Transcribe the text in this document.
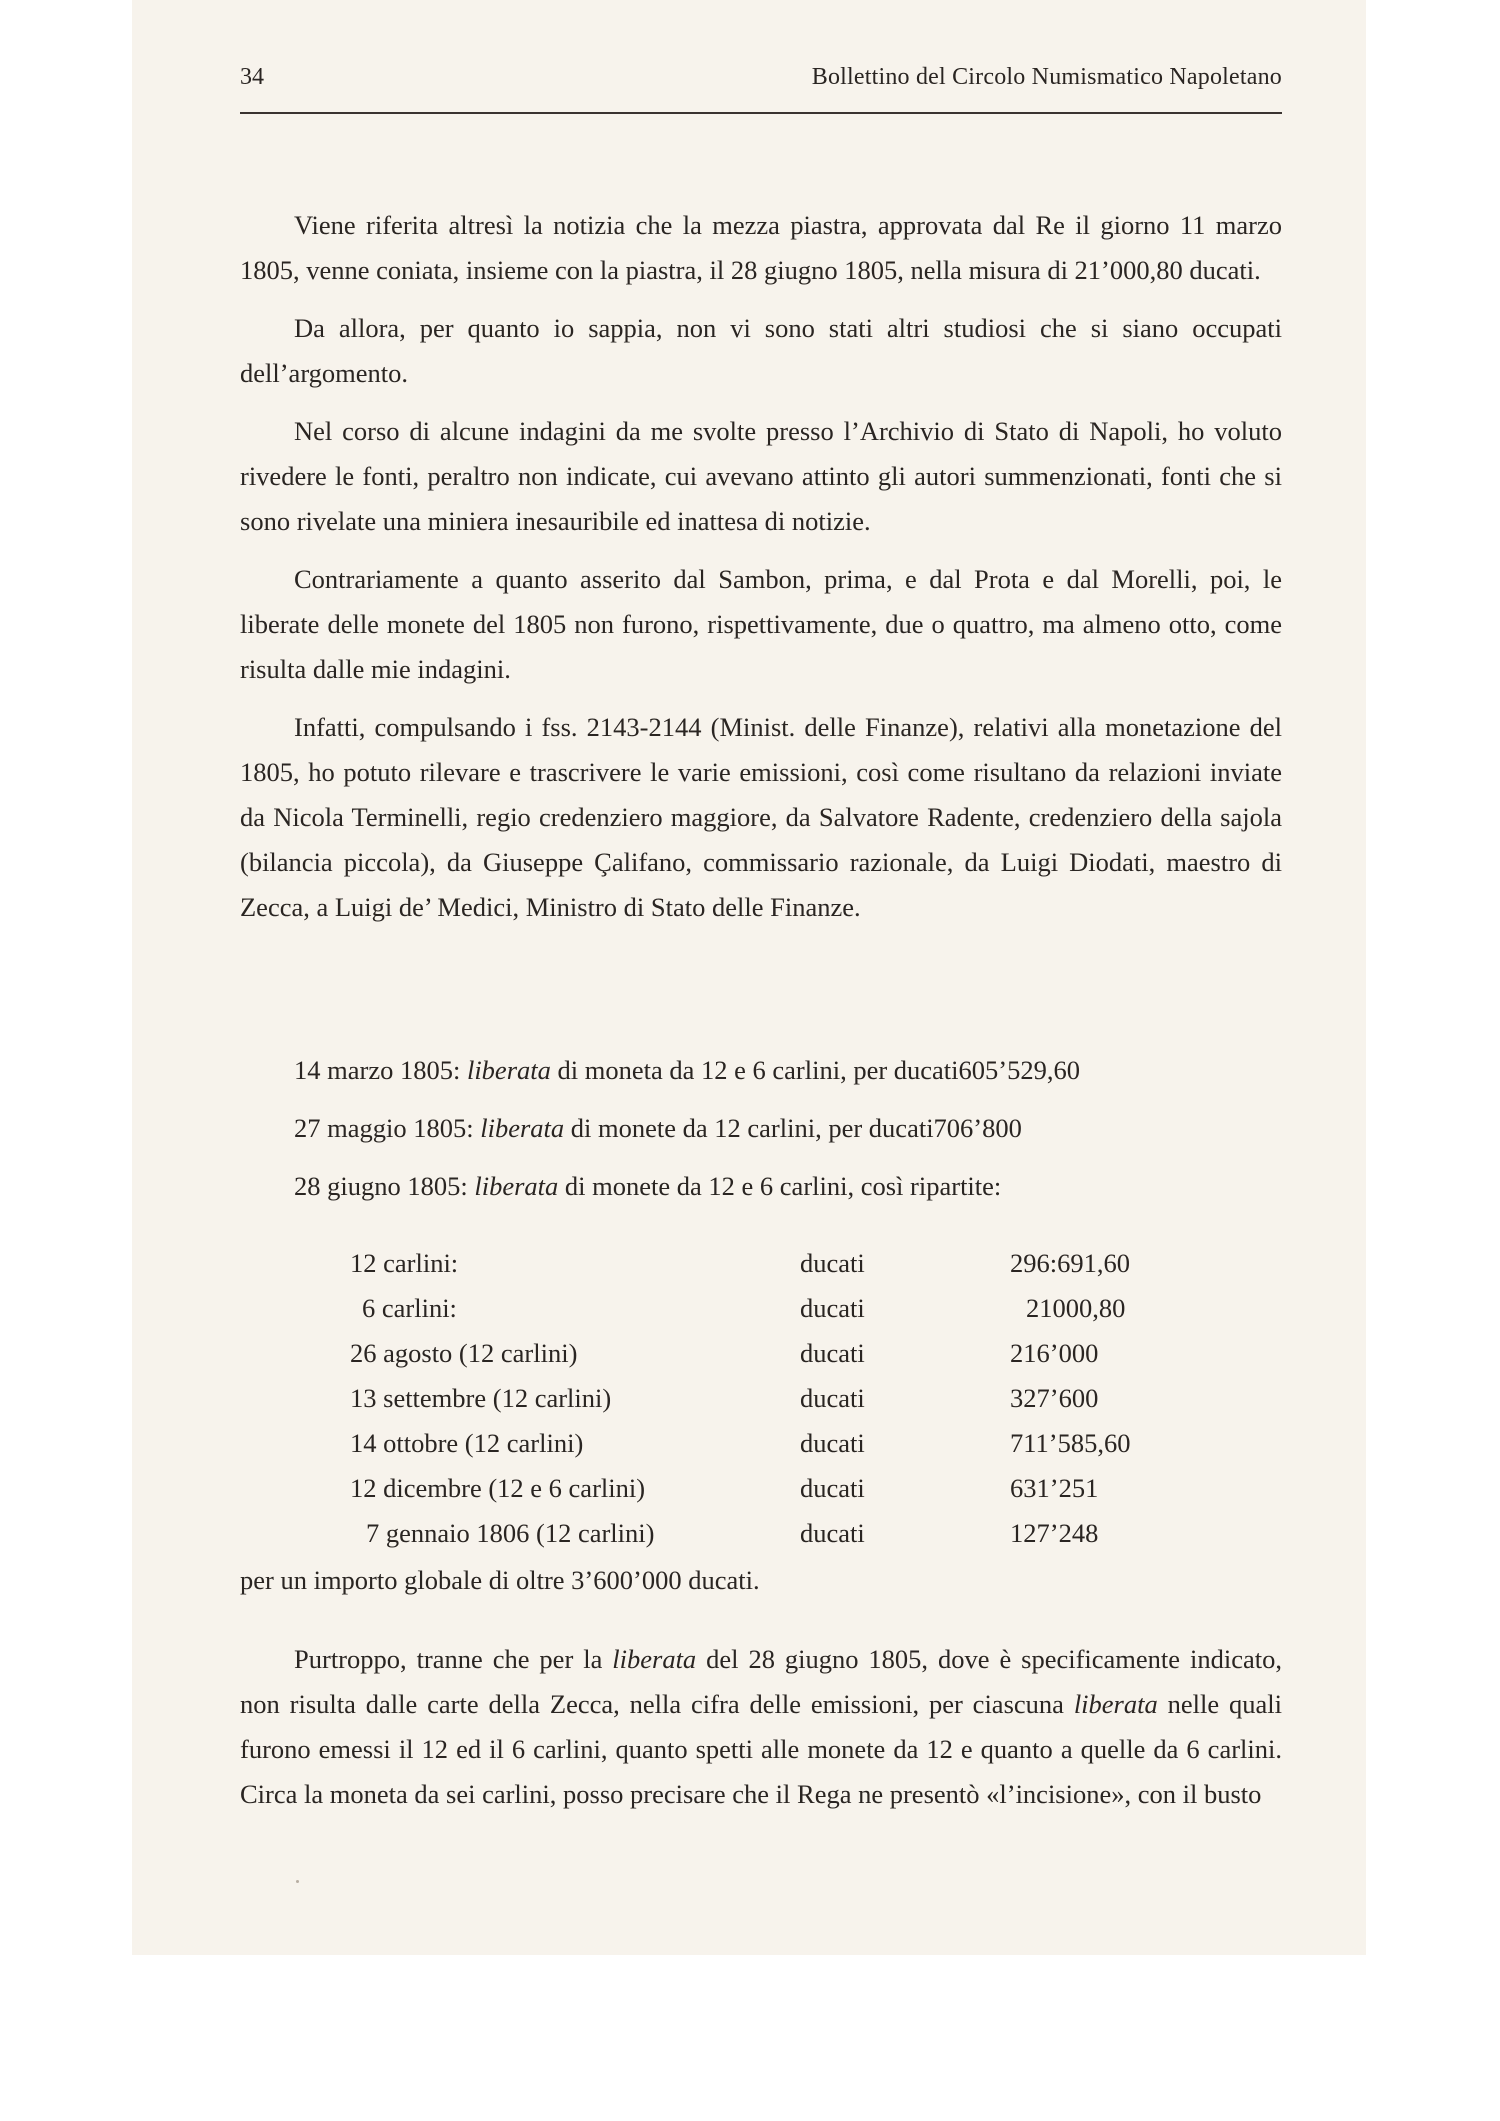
34	Bollettino del Circolo Numismatico Napoletano

Viene riferita altresì la notizia che la mezza piastra, approvata dal Re il giorno 11 marzo 1805, venne coniata, insieme con la piastra, il 28 giugno 1805, nella misura di 21’000,80 ducati.

Da allora, per quanto io sappia, non vi sono stati altri studiosi che si siano occupati dell’argomento.

Nel corso di alcune indagini da me svolte presso l’Archivio di Stato di Napoli, ho voluto rivedere le fonti, peraltro non indicate, cui avevano attinto gli autori summenzionati, fonti che si sono rivelate una miniera inesauribile ed inattesa di notizie.

Contrariamente a quanto asserito dal Sambon, prima, e dal Prota e dal Morelli, poi, le liberate delle monete del 1805 non furono, rispettivamente, due o quattro, ma almeno otto, come risulta dalle mie indagini.

Infatti, compulsando i fss. 2143-2144 (Minist. delle Finanze), relativi alla monetazione del 1805, ho potuto rilevare e trascrivere le varie emissioni, così come risultano da relazioni inviate da Nicola Terminelli, regio credenziero maggiore, da Salvatore Radente, credenziero della sajola (bilancia piccola), da Giuseppe Çalifano, commissario razionale, da Luigi Diodati, maestro di Zecca, a Luigi de’ Medici, Ministro di Stato delle Finanze.

14 marzo 1805: liberata di moneta da 12 e 6 carlini, per ducati605’529,60
27 maggio 1805: liberata di monete da 12 carlini, per ducati706’800
28 giugno 1805: liberata di monete da 12 e 6 carlini, così ripartite:
12 carlini:	ducati	296:691,60
6 carlini:	ducati	21000,80
26 agosto (12 carlini)	ducati	216’000
13 settembre (12 carlini)	ducati	327’600
14 ottobre (12 carlini)	ducati	711’585,60
12 dicembre (12 e 6 carlini)	ducati	631’251
7 gennaio 1806 (12 carlini)	ducati	127’248
per un importo globale di oltre 3’600’000 ducati.

Purtroppo, tranne che per la liberata del 28 giugno 1805, dove è specificamente indicato, non risulta dalle carte della Zecca, nella cifra delle emissioni, per ciascuna liberata nelle quali furono emessi il 12 ed il 6 carlini, quanto spetti alle monete da 12 e quanto a quelle da 6 carlini. Circa la moneta da sei carlini, posso precisare che il Rega ne presentò «l’incisione», con il busto
